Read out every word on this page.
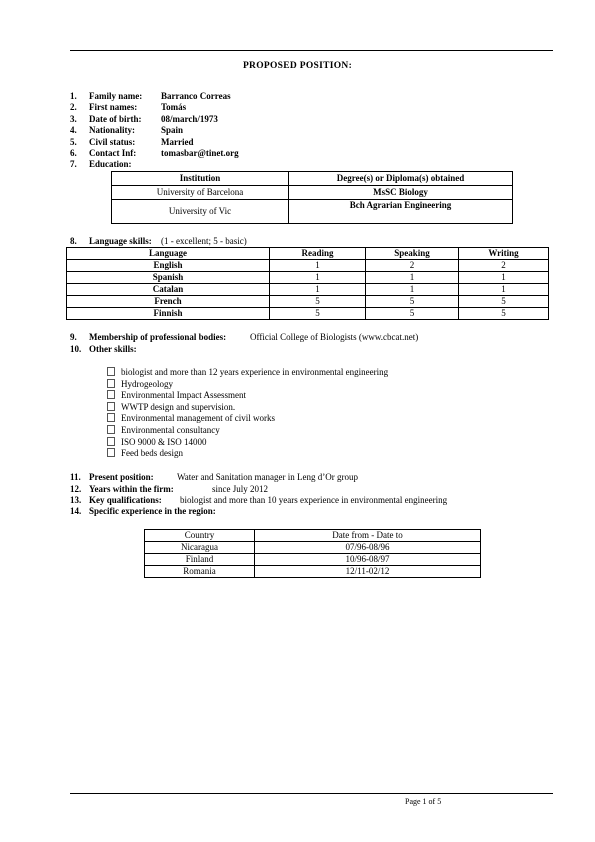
PROPOSED POSITION:
1. Family name: Barranco Correas
2. First names:	Tomás
3. Date of birth: 08/march/1973
4. Nationality:	Spain
5. Civil status:	Married
6. Contact Inf:	tomasbar@tinet.org
7. Education:
Institution	Degree(s) or Diploma(s) obtained
University of Barcelona	MsSC Biology
University of Vic	Bch Agrarian Engineering
8. Language skills: (1 - excellent; 5 - basic)
Language	Reading	Speaking	Writing
English	1	2	2
Spanish	1	1	1
Catalan	1	1	1
French	5	5	5
Finnish	5	5	5
9. Membership of professional bodies:	Official College of Biologists (www.cbcat.net)
10. Other skills:
biologist and more than 12 years experience in environmental engineering
Hydrogeology
Environmental Impact Assessment
WWTP design and supervision.
Environmental management of civil works
Environmental consultancy
ISO 9000 & ISO 14000
Feed beds design
11. Present position:	Water and Sanitation manager in Leng d’Or group
12. Years within the firm:	since July 2012
13. Key qualifications: biologist and more than 10 years experience in environmental engineering
14. Specific experience in the region:
Country	Date from - Date to
Nicaragua	07/96-08/96
Finland	10/96-08/97
Romania	12/11-02/12
Page 1 of 5
